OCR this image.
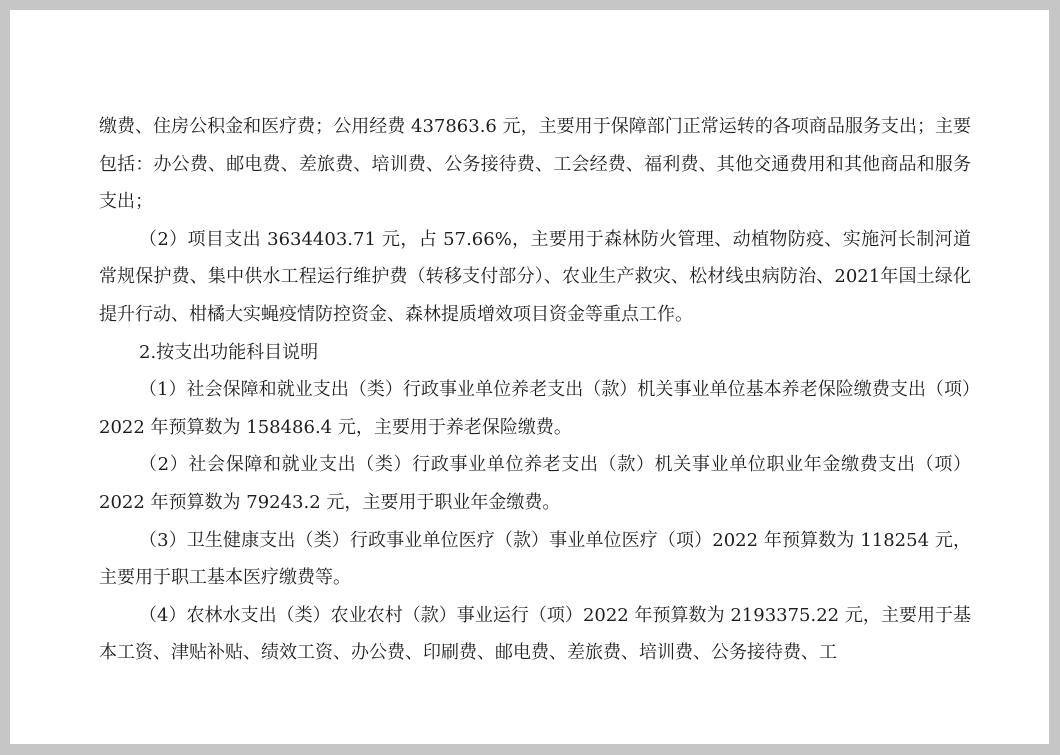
缴费、住房公积金和医疗费；公用经费 437863.6 元，主要用于保障部门正常运转的各项商品服务支出；主要包括：办公费、邮电费、差旅费、培训费、公务接待费、工会经费、福利费、其他交通费用和其他商品和服务支出；

（2）项目支出 3634403.71 元，占 57.66%，主要用于森林防火管理、动植物防疫、实施河长制河道常规保护费、集中供水工程运行维护费（转移支付部分）、农业生产救灾、松材线虫病防治、2021年国土绿化提升行动、柑橘大实蝇疫情防控资金、森林提质增效项目资金等重点工作。

2.按支出功能科目说明

（1）社会保障和就业支出（类）行政事业单位养老支出（款）机关事业单位基本养老保险缴费支出（项）2022 年预算数为 158486.4 元，主要用于养老保险缴费。

（2）社会保障和就业支出（类）行政事业单位养老支出（款）机关事业单位职业年金缴费支出（项）2022 年预算数为 79243.2 元，主要用于职业年金缴费。

（3）卫生健康支出（类）行政事业单位医疗（款）事业单位医疗（项）2022 年预算数为 118254 元，主要用于职工基本医疗缴费等。

（4）农林水支出（类）农业农村（款）事业运行（项）2022 年预算数为 2193375.22 元，主要用于基本工资、津贴补贴、绩效工资、办公费、印刷费、邮电费、差旅费、培训费、公务接待费、工
